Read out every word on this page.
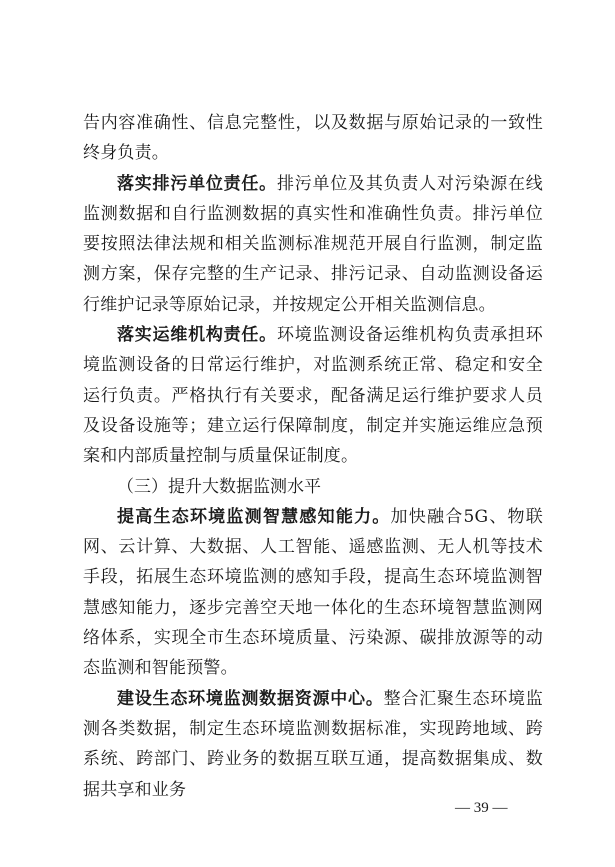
告内容准确性、信息完整性，以及数据与原始记录的一致性终身负责。

落实排污单位责任。排污单位及其负责人对污染源在线监测数据和自行监测数据的真实性和准确性负责。排污单位要按照法律法规和相关监测标准规范开展自行监测，制定监测方案，保存完整的生产记录、排污记录、自动监测设备运行维护记录等原始记录，并按规定公开相关监测信息。

落实运维机构责任。环境监测设备运维机构负责承担环境监测设备的日常运行维护，对监测系统正常、稳定和安全运行负责。严格执行有关要求，配备满足运行维护要求人员及设备设施等；建立运行保障制度，制定并实施运维应急预案和内部质量控制与质量保证制度。

（三）提升大数据监测水平

提高生态环境监测智慧感知能力。加快融合5G、物联网、云计算、大数据、人工智能、遥感监测、无人机等技术手段，拓展生态环境监测的感知手段，提高生态环境监测智慧感知能力，逐步完善空天地一体化的生态环境智慧监测网络体系，实现全市生态环境质量、污染源、碳排放源等的动态监测和智能预警。

建设生态环境监测数据资源中心。整合汇聚生态环境监测各类数据，制定生态环境监测数据标准，实现跨地域、跨系统、跨部门、跨业务的数据互联互通，提高数据集成、数据共享和业务

— 39 —
